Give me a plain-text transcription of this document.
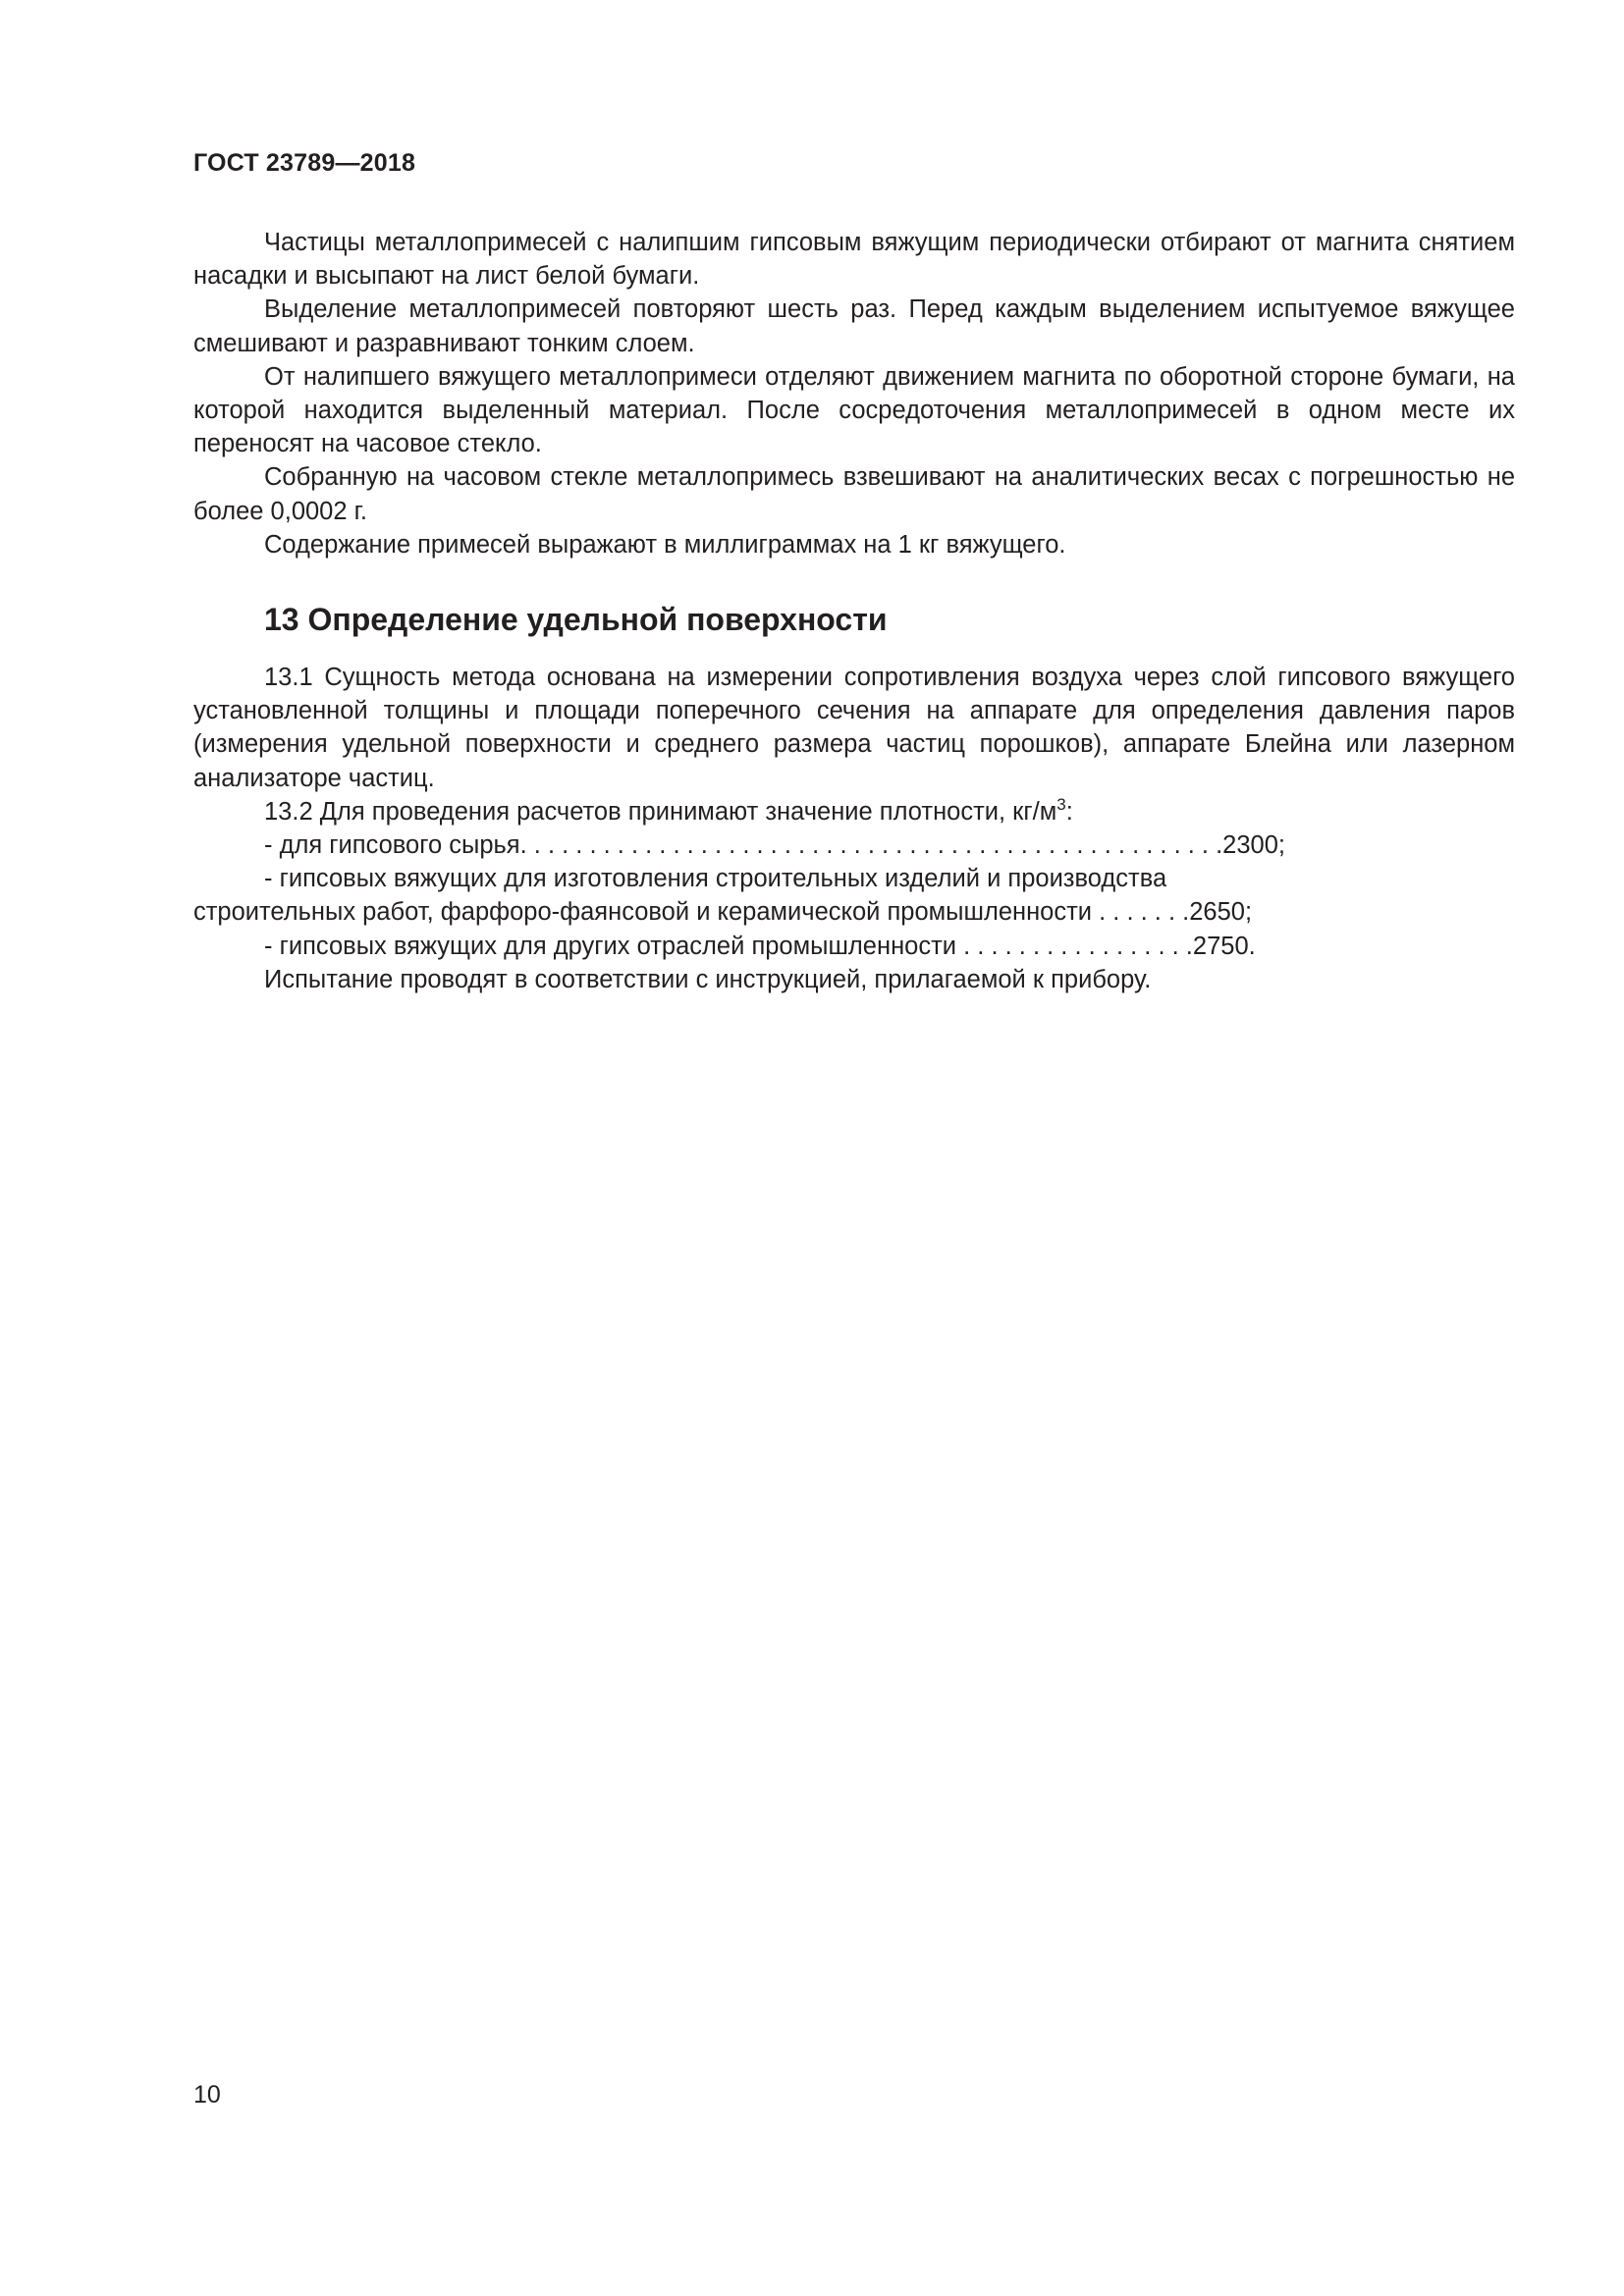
ГОСТ 23789—2018

Частицы металлопримесей с налипшим гипсовым вяжущим периодически отбирают от магнита снятием насадки и высыпают на лист белой бумаги.

Выделение металлопримесей повторяют шесть раз. Перед каждым выделением испытуемое вяжущее смешивают и разравнивают тонким слоем.

От налипшего вяжущего металлопримеси отделяют движением магнита по оборотной стороне бумаги, на которой находится выделенный материал. После сосредоточения металлопримесей в одном месте их переносят на часовое стекло.

Собранную на часовом стекле металлопримесь взвешивают на аналитических весах с погрешностью не более 0,0002 г.

Содержание примесей выражают в миллиграммах на 1 кг вяжущего.

13 Определение удельной поверхности

13.1 Сущность метода основана на измерении сопротивления воздуха через слой гипсового вяжущего установленной толщины и площади поперечного сечения на аппарате для определения давления паров (измерения удельной поверхности и среднего размера частиц порошков), аппарате Блейна или лазерном анализаторе частиц.

13.2 Для проведения расчетов принимают значение плотности, $кг/м^3$:

- для гипсового сырья. . . . . . . . . . . . . . . . . . . . . . . . . . . . . . . . . . . . . . . . . . . . . . . . . . .2300;

- гипсовых вяжущих для изготовления строительных изделий и производства

строительных работ, фарфоро-фаянсовой и керамической промышленности . . . . . . .2650;

- гипсовых вяжущих для других отраслей промышленности . . . . . . . . . . . . . . . . .2750.

Испытание проводят в соответствии с инструкцией, прилагаемой к прибору.

10
